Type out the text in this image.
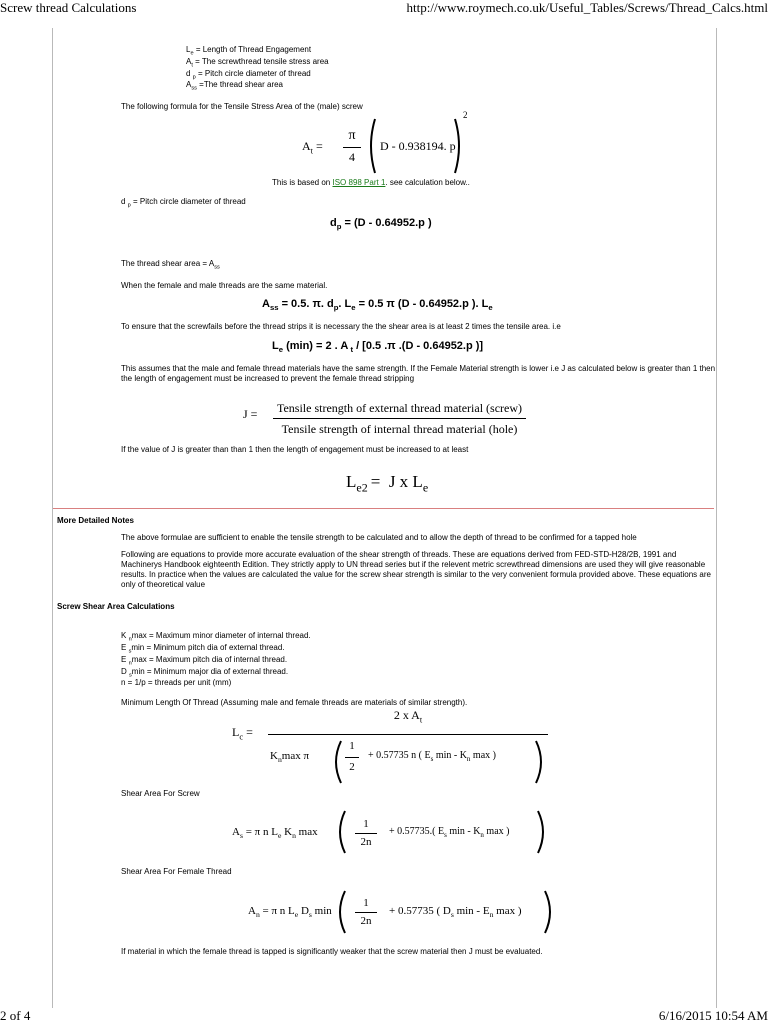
Screw thread Calculations	http://www.roymech.co.uk/Useful_Tables/Screws/Thread_Calcs.html
$L_e$ = Length of Thread Engagement
$A_t$ = The screwthread tensile stress area
d $_p$ = Pitch circle diameter of thread
$A_{ss} =The$ thread shear area
The following formula for the Tensile Stress Area of the (male) screw
$A_t$ =
π
4
D - 0.938194. p
2
This is based on ISO 898 Part 1. see calculation below..
d $_p$ = Pitch circle diameter of thread
$d_p = (D - 0.64952.p$ )
The thread shear area = $A_{ss}$
When the female and male threads are the same material.
$A_{ss} = 0.5$. π. $d_p$. $L_e = 0.5$ π (D - 0.64952.p ). $L_e$
To ensure that the screwfails before the thread strips it is necessary the the shear area is at least 2 times the tensile area. i.e
$L_e$ (min) = 2 . A $_t$ / [0.5 .π .(D - 0.64952.p )]
This assumes that the male and female thread materials have the same strength. If the Female Material strength is lower i.e J as calculated below is greater than 1 then the length of engagement must be increased to prevent the female thread stripping
J =	Tensile strength of external thread material (screw)
Tensile strength of internal thread material (hole)
If the value of J is greater than than 1 then the length of engagement must be increased to at least
$L_{e2} = J$ x $L_e$
More Detailed Notes
The above formulae are sufficient to enable the tensile strength to be calculated and to allow the depth of thread to be confirmed for a tapped hole
Following are equations to provide more accurate evaluation of the shear strength of threads. These are equations derived from FED-STD-H28/2B, 1991 and Machinerys Handbook eighteenth Edition. They strictly apply to UN thread series but if the relevent metric screwthread dimensions are used they will give reasonable results. In practice when the values are calculated the value for the screw shear strength is similar to the very convenient formula provided above. These equations are only of theoretical value
Screw Shear Area Calculations
K $_n$max = Maximum minor diameter of internal thread.
E $_s$min = Minimum pitch dia of external thread.
E $_n$max = Maximum pitch dia of internal thread.
D $_s$min = Minimum major dia of external thread.
n = 1/p = threads per unit (mm)
Minimum Length Of Thread (Assuming male and female threads are materials of similar strength).
$L_c$ =
2 x $A_t$
$K_n\max$ π
1
2
+ 0.57735 n ( $E_s$ min - $K_n$ max )
Shear Area For Screw
$A_s = \pi$ n $L_e$ $K_n$ max
1
2n
+ 0.57735.( $E_s$ min - $K_n$ max )
Shear Area For Female Thread
$A_n = \pi$ n $L_e$ $D_s$ min
1
2n
+ 0.57735 ( $D_s$ min - $E_n$ max )
If material in which the female thread is tapped is significantly weaker that the screw material then J must be evaluated.
2 of 4	6/16/2015 10:54 AM
